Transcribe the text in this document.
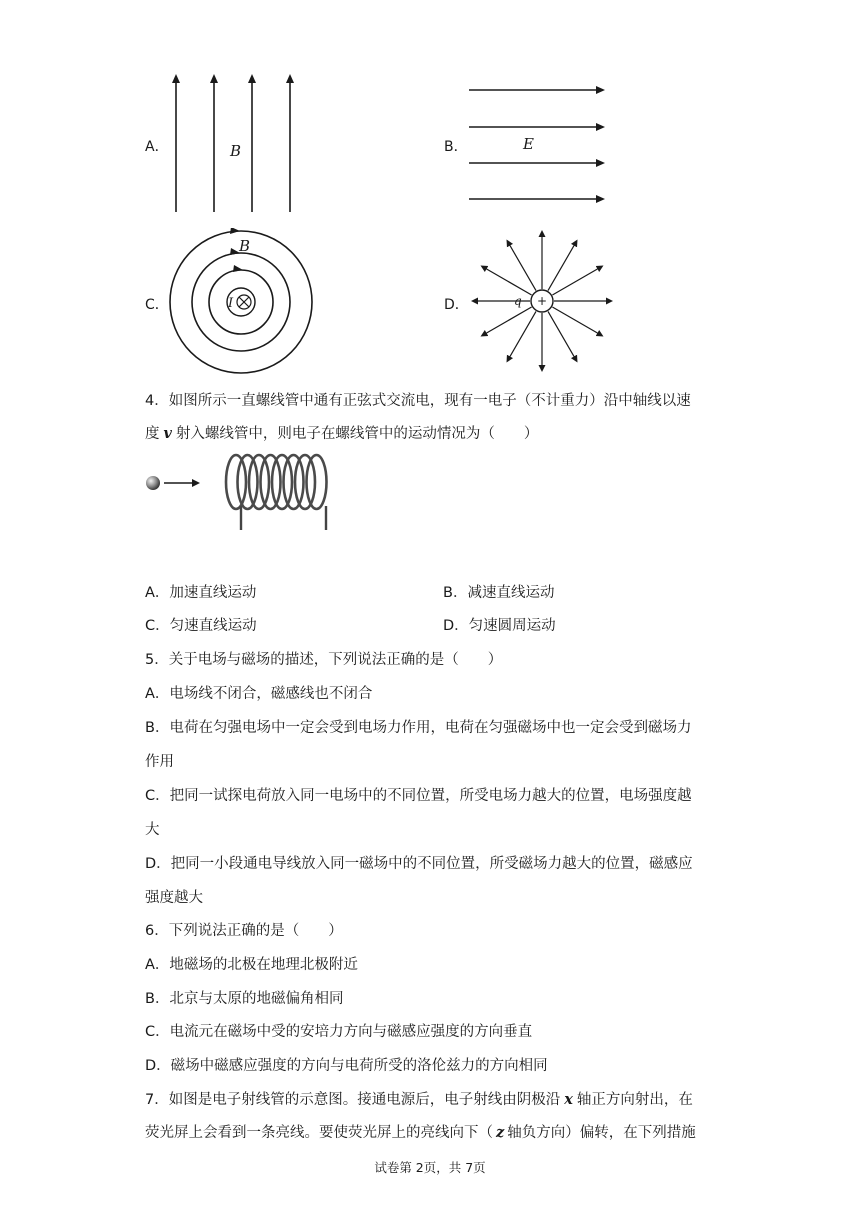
A．	B	B．	E
C．	I
B
D．	+
q
4．如图所示一直螺线管中通有正弦式交流电，现有一电子（不计重力）沿中轴线以速
度 v 射入螺线管中，则电子在螺线管中的运动情况为（　　）
A．加速直线运动	B．减速直线运动
C．匀速直线运动	D．匀速圆周运动
5．关于电场与磁场的描述，下列说法正确的是（　　）
A．电场线不闭合，磁感线也不闭合
B．电荷在匀强电场中一定会受到电场力作用，电荷在匀强磁场中也一定会受到磁场力
作用
C．把同一试探电荷放入同一电场中的不同位置，所受电场力越大的位置，电场强度越
大
D．把同一小段通电导线放入同一磁场中的不同位置，所受磁场力越大的位置，磁感应
强度越大
6．下列说法正确的是（　　）
A．地磁场的北极在地理北极附近
B．北京与太原的地磁偏角相同
C．电流元在磁场中受的安培力方向与磁感应强度的方向垂直
D．磁场中磁感应强度的方向与电荷所受的洛伦兹力的方向相同
7．如图是电子射线管的示意图。接通电源后，电子射线由阴极沿 x 轴正方向射出，在
荧光屏上会看到一条亮线。要使荧光屏上的亮线向下（ z 轴负方向）偏转，在下列措施
试卷第 2页，共 7页
